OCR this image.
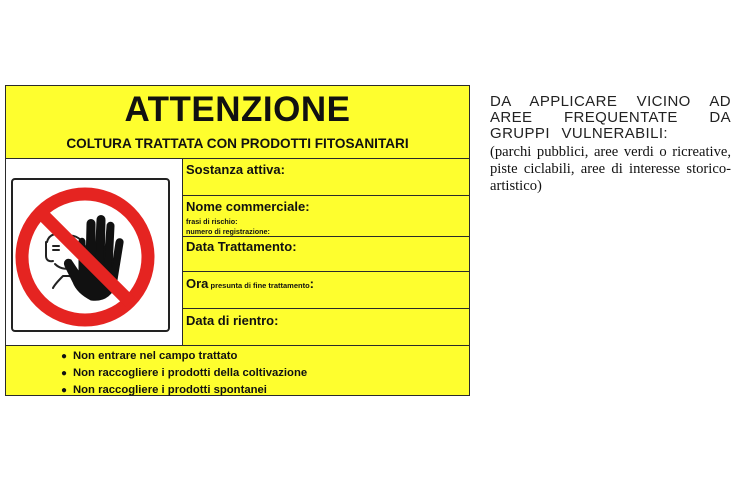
ATTENZIONE
COLTURA TRATTATA CON PRODOTTI FITOSANITARI
Sostanza attiva:
Nome commerciale:
frasi di rischio:
numero di registrazione:
Data Trattamento:
Ora presunta di fine trattamento:
Data di rientro:
● Non entrare nel campo trattato
● Non raccogliere i prodotti della coltivazione
● Non raccogliere i prodotti spontanei
DA APPLICARE VICINO AD AREE FREQUENTATE DA GRUPPI VULNERABILI:
(parchi pubblici, aree verdi o ricreative, piste ciclabili, aree di interesse storico-artistico)
